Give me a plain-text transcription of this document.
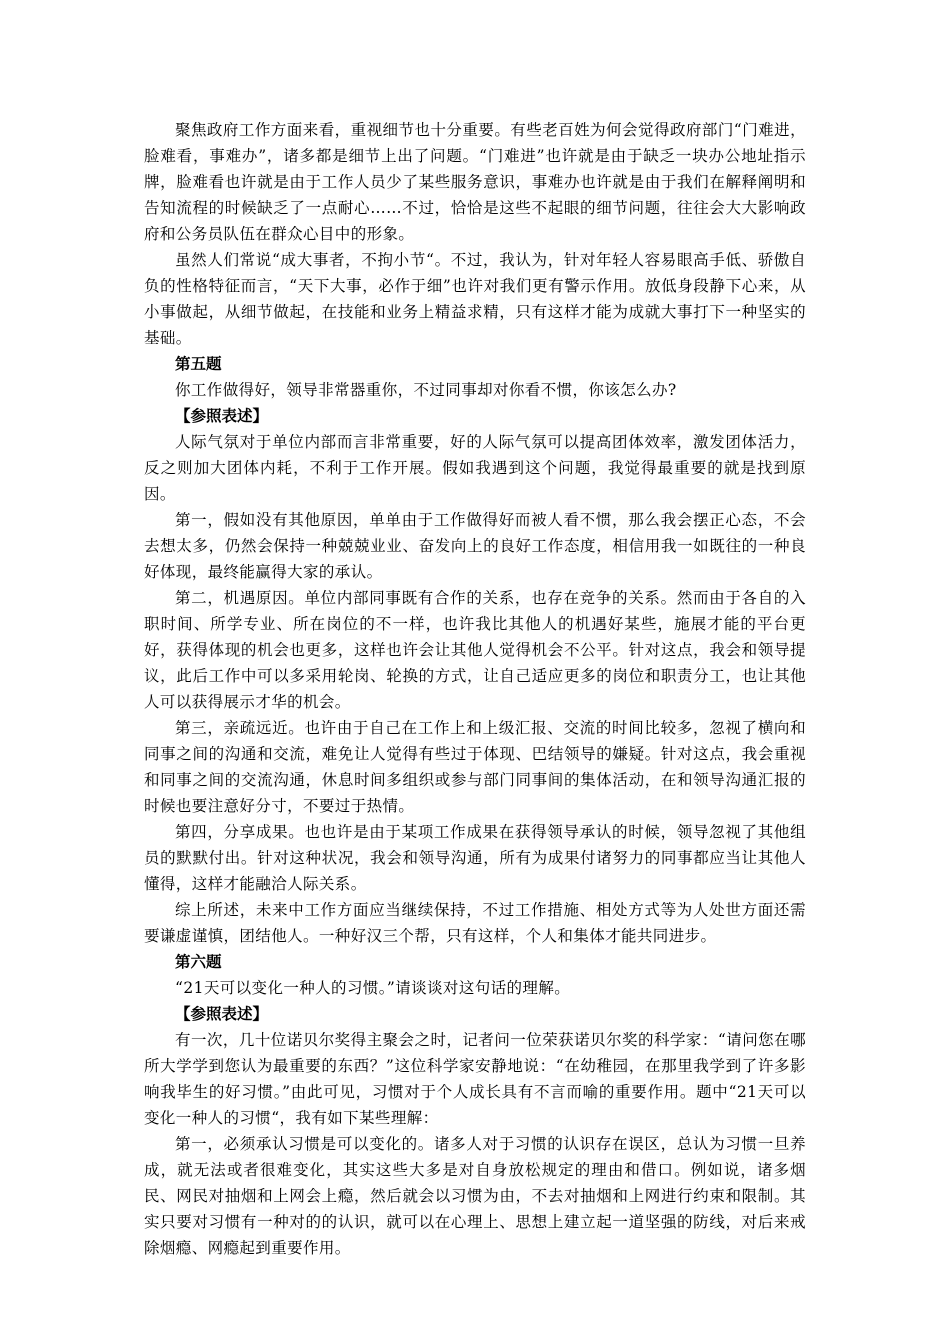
聚焦政府工作方面来看，重视细节也十分重要。有些老百姓为何会觉得政府部门“门难进，脸难看，事难办”，诸多都是细节上出了问题。“门难进”也许就是由于缺乏一块办公地址指示牌，脸难看也许就是由于工作人员少了某些服务意识，事难办也许就是由于我们在解释阐明和告知流程的时候缺乏了一点耐心……不过，恰恰是这些不起眼的细节问题，往往会大大影响政府和公务员队伍在群众心目中的形象。

虽然人们常说“成大事者，不拘小节“。不过，我认为，针对年轻人容易眼高手低、骄傲自负的性格特征而言，“天下大事，必作于细”也许对我们更有警示作用。放低身段静下心来，从小事做起，从细节做起，在技能和业务上精益求精，只有这样才能为成就大事打下一种坚实的基础。

第五题

你工作做得好，领导非常器重你，不过同事却对你看不惯，你该怎么办?

【参照表述】

人际气氛对于单位内部而言非常重要，好的人际气氛可以提高团体效率，激发团体活力，反之则加大团体内耗，不利于工作开展。假如我遇到这个问题，我觉得最重要的就是找到原因。

第一，假如没有其他原因，单单由于工作做得好而被人看不惯，那么我会摆正心态，不会去想太多，仍然会保持一种兢兢业业、奋发向上的良好工作态度，相信用我一如既往的一种良好体现，最终能赢得大家的承认。

第二，机遇原因。单位内部同事既有合作的关系，也存在竞争的关系。然而由于各自的入职时间、所学专业、所在岗位的不一样，也许我比其他人的机遇好某些，施展才能的平台更好，获得体现的机会也更多，这样也许会让其他人觉得机会不公平。针对这点，我会和领导提议，此后工作中可以多采用轮岗、轮换的方式，让自己适应更多的岗位和职责分工，也让其他人可以获得展示才华的机会。

第三，亲疏远近。也许由于自己在工作上和上级汇报、交流的时间比较多，忽视了横向和同事之间的沟通和交流，难免让人觉得有些过于体现、巴结领导的嫌疑。针对这点，我会重视和同事之间的交流沟通，休息时间多组织或参与部门同事间的集体活动，在和领导沟通汇报的时候也要注意好分寸，不要过于热情。

第四，分享成果。也也许是由于某项工作成果在获得领导承认的时候，领导忽视了其他组员的默默付出。针对这种状况，我会和领导沟通，所有为成果付诸努力的同事都应当让其他人懂得，这样才能融洽人际关系。

综上所述，未来中工作方面应当继续保持，不过工作措施、相处方式等为人处世方面还需要谦虚谨慎，团结他人。一种好汉三个帮，只有这样，个人和集体才能共同进步。

第六题

“21天可以变化一种人的习惯。”请谈谈对这句话的理解。

【参照表述】

有一次，几十位诺贝尔奖得主聚会之时，记者问一位荣获诺贝尔奖的科学家：“请问您在哪所大学学到您认为最重要的东西？”这位科学家安静地说：“在幼稚园，在那里我学到了许多影响我毕生的好习惯。”由此可见，习惯对于个人成长具有不言而喻的重要作用。题中“21天可以变化一种人的习惯“，我有如下某些理解：

第一，必须承认习惯是可以变化的。诸多人对于习惯的认识存在误区，总认为习惯一旦养成，就无法或者很难变化，其实这些大多是对自身放松规定的理由和借口。例如说，诸多烟民、网民对抽烟和上网会上瘾，然后就会以习惯为由，不去对抽烟和上网进行约束和限制。其实只要对习惯有一种对的的认识，就可以在心理上、思想上建立起一道坚强的防线，对后来戒除烟瘾、网瘾起到重要作用。
